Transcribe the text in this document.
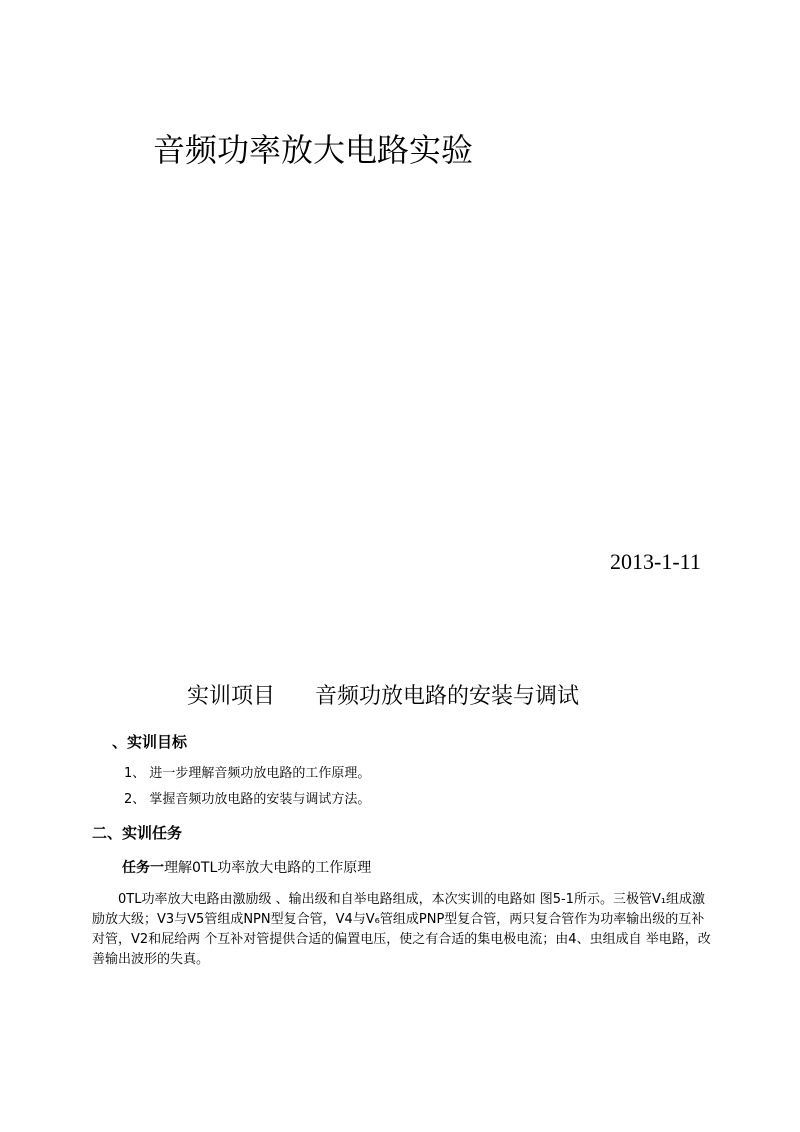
音频功率放大电路实验
2013-1-11
实训项目 音频功放电路的安装与调试
、实训目标
1、 进一步理解音频功放电路的工作原理。
2、 掌握音频功放电路的安装与调试方法。
二、实训任务
任务一理解0TL功率放大电路的工作原理

0TL功率放大电路由激励级 、输出级和自举电路组成，本次实训的电路如 图5-1所示。三极管V₁组成激励放大级；V3与V5管组成NPN型复合管，V4与V₆管组成PNP型复合管，两只复合管作为功率输出级的互补对管，V2和屁给两 个互补对管提供合适的偏置电压，使之有合适的集电极电流；由4、虫组成自 举电路，改善输出波形的失真。
